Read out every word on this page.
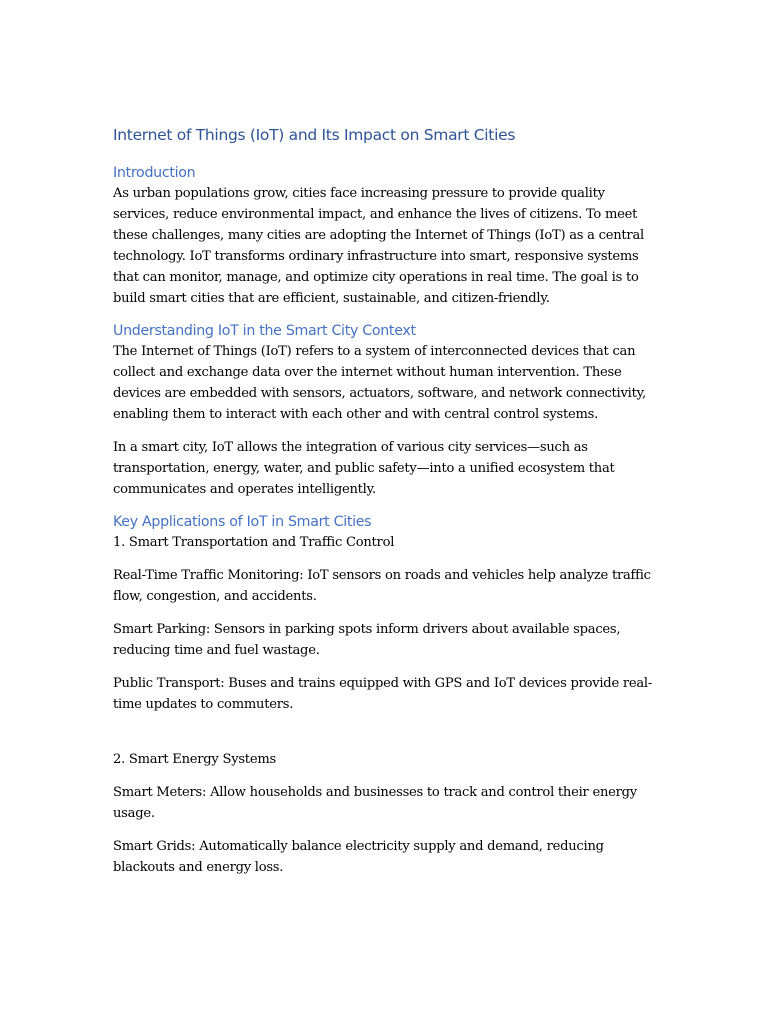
Internet of Things (IoT) and Its Impact on Smart Cities
Introduction

As urban populations grow, cities face increasing pressure to provide quality services, reduce environmental impact, and enhance the lives of citizens. To meet these challenges, many cities are adopting the Internet of Things (IoT) as a central technology. IoT transforms ordinary infrastructure into smart, responsive systems that can monitor, manage, and optimize city operations in real time. The goal is to build smart cities that are efficient, sustainable, and citizen-friendly.

Understanding IoT in the Smart City Context

The Internet of Things (IoT) refers to a system of interconnected devices that can collect and exchange data over the internet without human intervention. These devices are embedded with sensors, actuators, software, and network connectivity, enabling them to interact with each other and with central control systems.

In a smart city, IoT allows the integration of various city services—such as transportation, energy, water, and public safety—into a unified ecosystem that communicates and operates intelligently.

Key Applications of IoT in Smart Cities

1. Smart Transportation and Traffic Control

Real-Time Traffic Monitoring: IoT sensors on roads and vehicles help analyze traffic flow, congestion, and accidents.

Smart Parking: Sensors in parking spots inform drivers about available spaces, reducing time and fuel wastage.

Public Transport: Buses and trains equipped with GPS and IoT devices provide real-time updates to commuters.

2. Smart Energy Systems

Smart Meters: Allow households and businesses to track and control their energy usage.

Smart Grids: Automatically balance electricity supply and demand, reducing blackouts and energy loss.
